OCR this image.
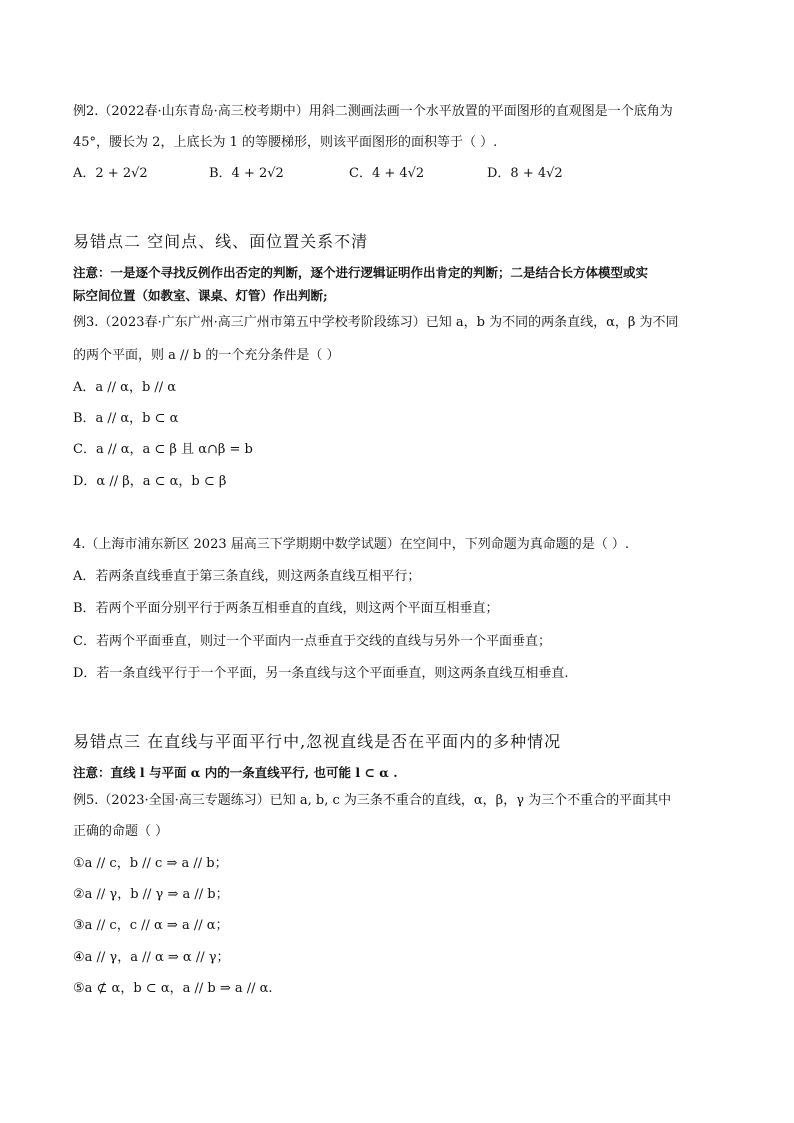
例2.（2022春·山东青岛·高三校考期中）用斜二测画法画一个水平放置的平面图形的直观图是一个底角为
45°，腰长为 2，上底长为 1 的等腰梯形，则该平面图形的面积等于（ ）.
A．2 + 2√2	B．4 + 2√2	C．4 + 4√2	D．8 + 4√2
易错点二 空间点、线、面位置关系不清
注意：一是逐个寻找反例作出否定的判断，逐个进行逻辑证明作出肯定的判断；二是结合长方体模型或实
际空间位置（如教室、课桌、灯管）作出判断;
例3.（2023春·广东广州·高三广州市第五中学校考阶段练习）已知 a，b 为不同的两条直线，α，β 为不同
的两个平面，则 a // b 的一个充分条件是（ ）
A．a // α，b // α
B．a // α，b ⊂ α
C．a // α，a ⊂ β 且 α∩β = b
D．α // β，a ⊂ α，b ⊂ β
4.（上海市浦东新区 2023 届高三下学期期中数学试题）在空间中，下列命题为真命题的是（ ）.
A．若两条直线垂直于第三条直线，则这两条直线互相平行；
B．若两个平面分别平行于两条互相垂直的直线，则这两个平面互相垂直；
C．若两个平面垂直，则过一个平面内一点垂直于交线的直线与另外一个平面垂直；
D．若一条直线平行于一个平面，另一条直线与这个平面垂直，则这两条直线互相垂直.
易错点三 在直线与平面平行中,忽视直线是否在平面内的多种情况
注意：直线 l 与平面 α 内的一条直线平行, 也可能 l ⊂ α .
例5.（2023·全国·高三专题练习）已知 a, b, c 为三条不重合的直线，α，β，γ 为三个不重合的平面其中
正确的命题（ ）
①a // c，b // c ⇒ a // b；
②a // γ，b // γ ⇒ a // b；
③a // c，c // α ⇒ a // α；
④a // γ，a // α ⇒ α // γ；
⑤a ⊄ α，b ⊂ α，a // b ⇒ a // α.
